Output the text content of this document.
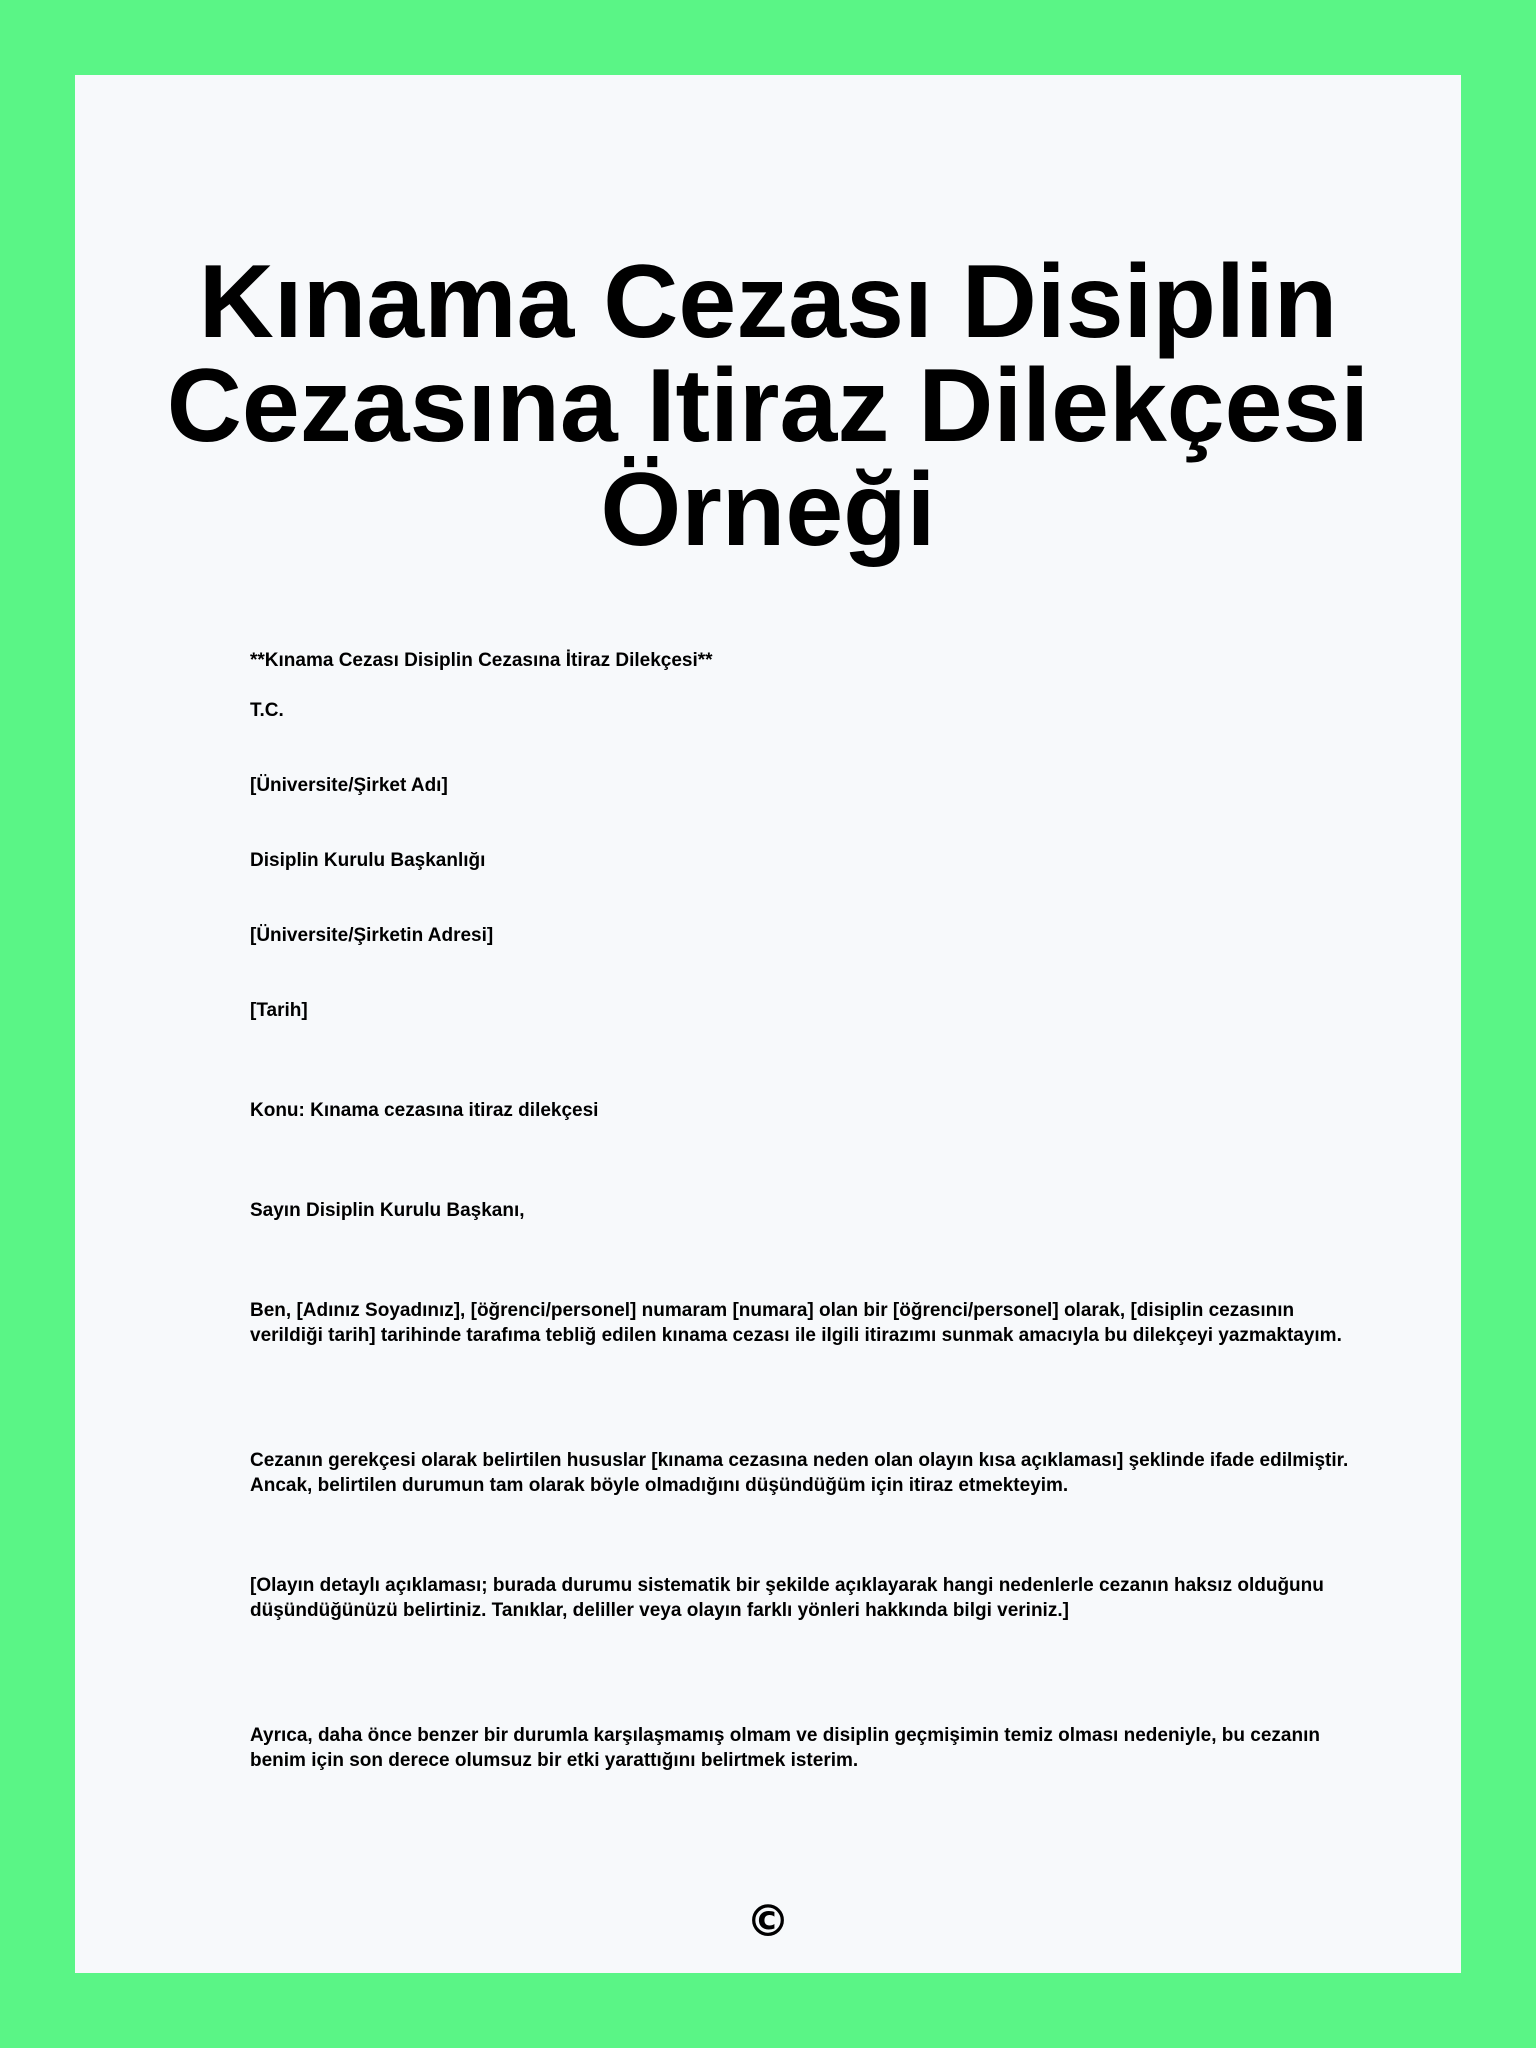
Kınama Cezası Disiplin
Cezasına Itiraz Dilekçesi
Örneği

**Kınama Cezası Disiplin Cezasına İtiraz Dilekçesi**

T.C.

[Üniversite/Şirket Adı]

Disiplin Kurulu Başkanlığı

[Üniversite/Şirketin Adresi]

[Tarih]

Konu: Kınama cezasına itiraz dilekçesi

Sayın Disiplin Kurulu Başkanı,

Ben, [Adınız Soyadınız], [öğrenci/personel] numaram [numara] olan bir [öğrenci/personel] olarak, [disiplin cezasının verildiği tarih] tarihinde tarafıma tebliğ edilen kınama cezası ile ilgili itirazımı sunmak amacıyla bu dilekçeyi yazmaktayım.

Cezanın gerekçesi olarak belirtilen hususlar [kınama cezasına neden olan olayın kısa açıklaması] şeklinde ifade edilmiştir. Ancak, belirtilen durumun tam olarak böyle olmadığını düşündüğüm için itiraz etmekteyim.

[Olayın detaylı açıklaması; burada durumu sistematik bir şekilde açıklayarak hangi nedenlerle cezanın haksız olduğunu düşündüğünüzü belirtiniz. Tanıklar, deliller veya olayın farklı yönleri hakkında bilgi veriniz.]

Ayrıca, daha önce benzer bir durumla karşılaşmamış olmam ve disiplin geçmişimin temiz olması nedeniyle, bu cezanın benim için son derece olumsuz bir etki yarattığını belirtmek isterim.

©
